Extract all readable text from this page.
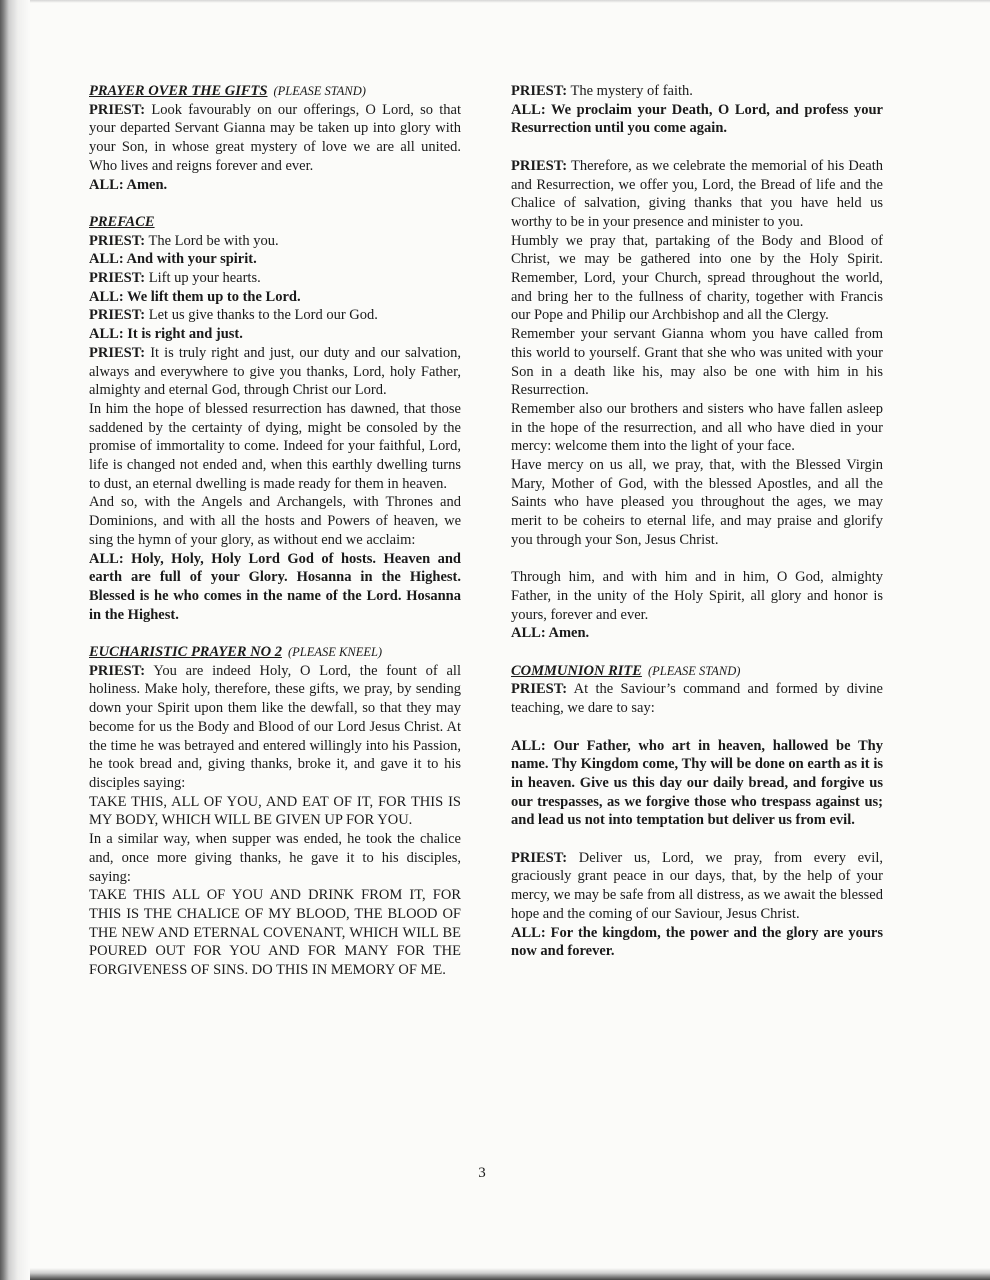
PRAYER OVER THE GIFTS (PLEASE STAND)

PRIEST: Look favourably on our offerings, O Lord, so that your departed Servant Gianna may be taken up into glory with your Son, in whose great mystery of love we are all united. Who lives and reigns forever and ever.

ALL: Amen.

PREFACE

PRIEST: The Lord be with you.

ALL: And with your spirit.

PRIEST: Lift up your hearts.

ALL: We lift them up to the Lord.

PRIEST: Let us give thanks to the Lord our God.

ALL: It is right and just.

PRIEST: It is truly right and just, our duty and our salvation, always and everywhere to give you thanks, Lord, holy Father, almighty and eternal God, through Christ our Lord.

In him the hope of blessed resurrection has dawned, that those saddened by the certainty of dying, might be consoled by the promise of immortality to come. Indeed for your faithful, Lord, life is changed not ended and, when this earthly dwelling turns to dust, an eternal dwelling is made ready for them in heaven.

And so, with the Angels and Archangels, with Thrones and Dominions, and with all the hosts and Powers of heaven, we sing the hymn of your glory, as without end we acclaim:

ALL: Holy, Holy, Holy Lord God of hosts. Heaven and earth are full of your Glory. Hosanna in the Highest. Blessed is he who comes in the name of the Lord. Hosanna in the Highest.

EUCHARISTIC PRAYER NO 2 (PLEASE KNEEL)

PRIEST: You are indeed Holy, O Lord, the fount of all holiness. Make holy, therefore, these gifts, we pray, by sending down your Spirit upon them like the dewfall, so that they may become for us the Body and Blood of our Lord Jesus Christ. At the time he was betrayed and entered willingly into his Passion, he took bread and, giving thanks, broke it, and gave it to his disciples saying:

TAKE THIS, ALL OF YOU, AND EAT OF IT, FOR THIS IS MY BODY, WHICH WILL BE GIVEN UP FOR YOU.

In a similar way, when supper was ended, he took the chalice and, once more giving thanks, he gave it to his disciples, saying:

TAKE THIS ALL OF YOU AND DRINK FROM IT, FOR THIS IS THE CHALICE OF MY BLOOD, THE BLOOD OF THE NEW AND ETERNAL COVENANT, WHICH WILL BE POURED OUT FOR YOU AND FOR MANY FOR THE FORGIVENESS OF SINS. DO THIS IN MEMORY OF ME.

PRIEST: The mystery of faith.

ALL: We proclaim your Death, O Lord, and profess your Resurrection until you come again.

PRIEST: Therefore, as we celebrate the memorial of his Death and Resurrection, we offer you, Lord, the Bread of life and the Chalice of salvation, giving thanks that you have held us worthy to be in your presence and minister to you.

Humbly we pray that, partaking of the Body and Blood of Christ, we may be gathered into one by the Holy Spirit. Remember, Lord, your Church, spread throughout the world, and bring her to the fullness of charity, together with Francis our Pope and Philip our Archbishop and all the Clergy.

Remember your servant Gianna whom you have called from this world to yourself. Grant that she who was united with your Son in a death like his, may also be one with him in his Resurrection.

Remember also our brothers and sisters who have fallen asleep in the hope of the resurrection, and all who have died in your mercy: welcome them into the light of your face.

Have mercy on us all, we pray, that, with the Blessed Virgin Mary, Mother of God, with the blessed Apostles, and all the Saints who have pleased you throughout the ages, we may merit to be coheirs to eternal life, and may praise and glorify you through your Son, Jesus Christ.

Through him, and with him and in him, O God, almighty Father, in the unity of the Holy Spirit, all glory and honor is yours, forever and ever.

ALL: Amen.

COMMUNION RITE (PLEASE STAND)

PRIEST: At the Saviour’s command and formed by divine teaching, we dare to say:

ALL: Our Father, who art in heaven, hallowed be Thy name. Thy Kingdom come, Thy will be done on earth as it is in heaven. Give us this day our daily bread, and forgive us our trespasses, as we forgive those who trespass against us; and lead us not into temptation but deliver us from evil.

PRIEST: Deliver us, Lord, we pray, from every evil, graciously grant peace in our days, that, by the help of your mercy, we may be safe from all distress, as we await the blessed hope and the coming of our Saviour, Jesus Christ.

ALL: For the kingdom, the power and the glory are yours now and forever.

3
